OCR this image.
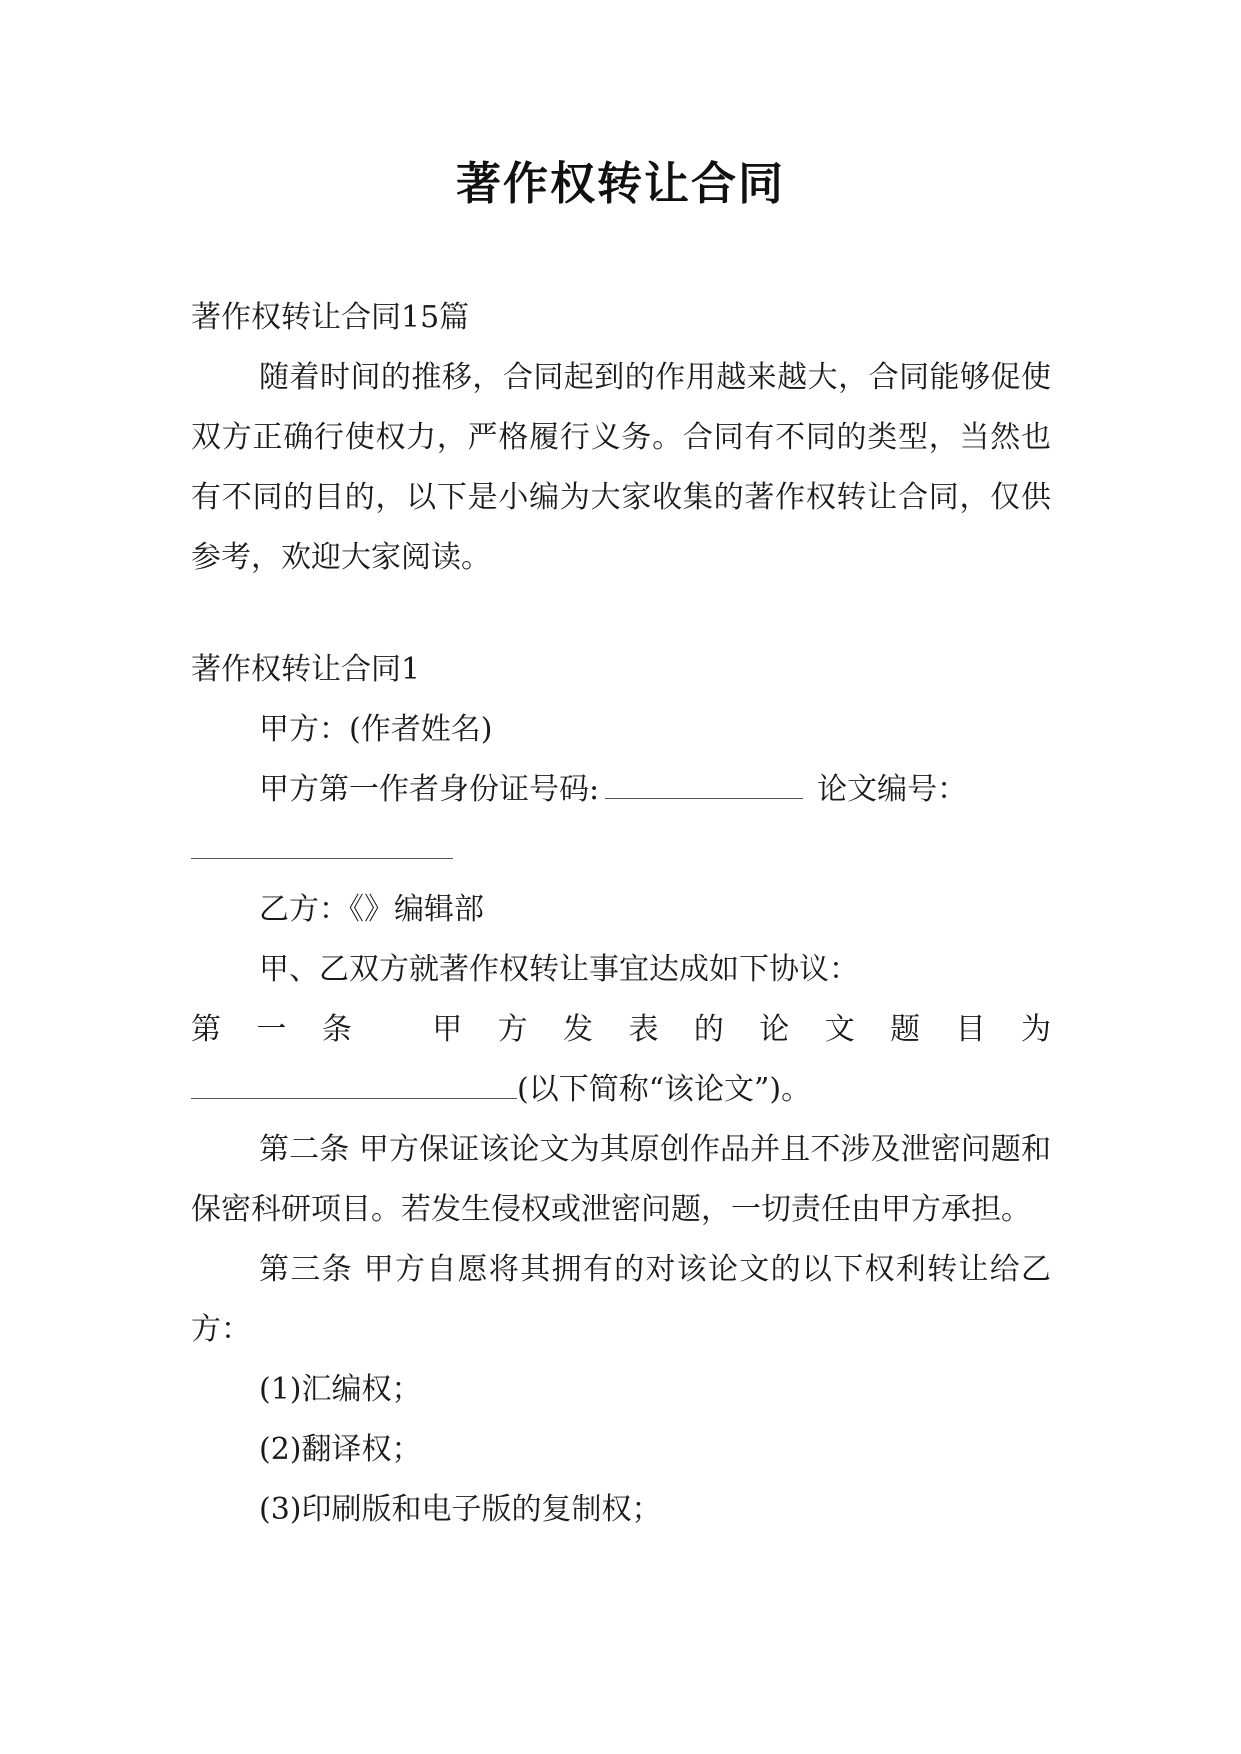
著作权转让合同

著作权转让合同15篇

随着时间的推移，合同起到的作用越来越大，合同能够促使双方正确行使权力，严格履行义务。合同有不同的类型，当然也有不同的目的，以下是小编为大家收集的著作权转让合同，仅供参考，欢迎大家阅读。

著作权转让合同1

甲方：(作者姓名)

甲方第一作者身份证号码:	论文编号：

乙方：《》编辑部

甲、乙双方就著作权转让事宜达成如下协议：

第一条 甲方发表的论文题目为

(以下简称“该论文”)。

第二条 甲方保证该论文为其原创作品并且不涉及泄密问题和保密科研项目。若发生侵权或泄密问题，一切责任由甲方承担。

第三条 甲方自愿将其拥有的对该论文的以下权利转让给乙方：

(1)汇编权；

(2)翻译权；

(3)印刷版和电子版的复制权；
